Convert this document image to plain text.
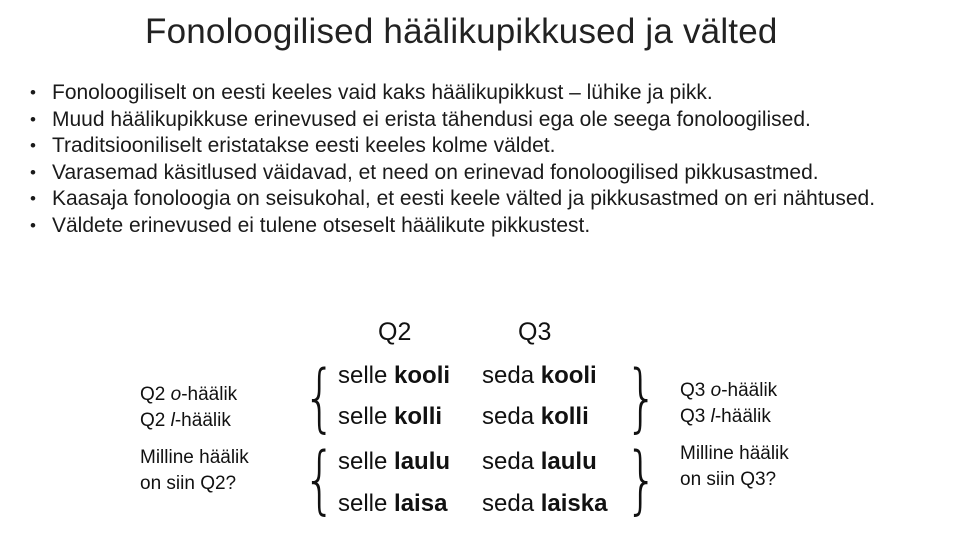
Fonoloogilised häälikupikkused ja välted
• Fonoloogiliselt on eesti keeles vaid kaks häälikupikkust – lühike ja pikk.
• Muud häälikupikkuse erinevused ei erista tähendusi ega ole seega fonoloogilised.
• Traditsiooniliselt eristatakse eesti keeles kolme väldet.
• Varasemad käsitlused väidavad, et need on erinevad fonoloogilised pikkusastmed.
• Kaasaja fonoloogia on seisukohal, et eesti keele välted ja pikkusastmed on eri nähtused.
• Väldete erinevused ei tulene otseselt häälikute pikkustest.
Q2	Q3
Q2 o-häälik
Q2 l-häälik
Milline häälik
on siin Q2?
Q3 o-häälik
Q3 l-häälik
Milline häälik
on siin Q3?
{
{
}
}
selle kooli
selle kolli
selle laulu
selle laisa
seda kooli
seda kolli
seda laulu
seda laiska
